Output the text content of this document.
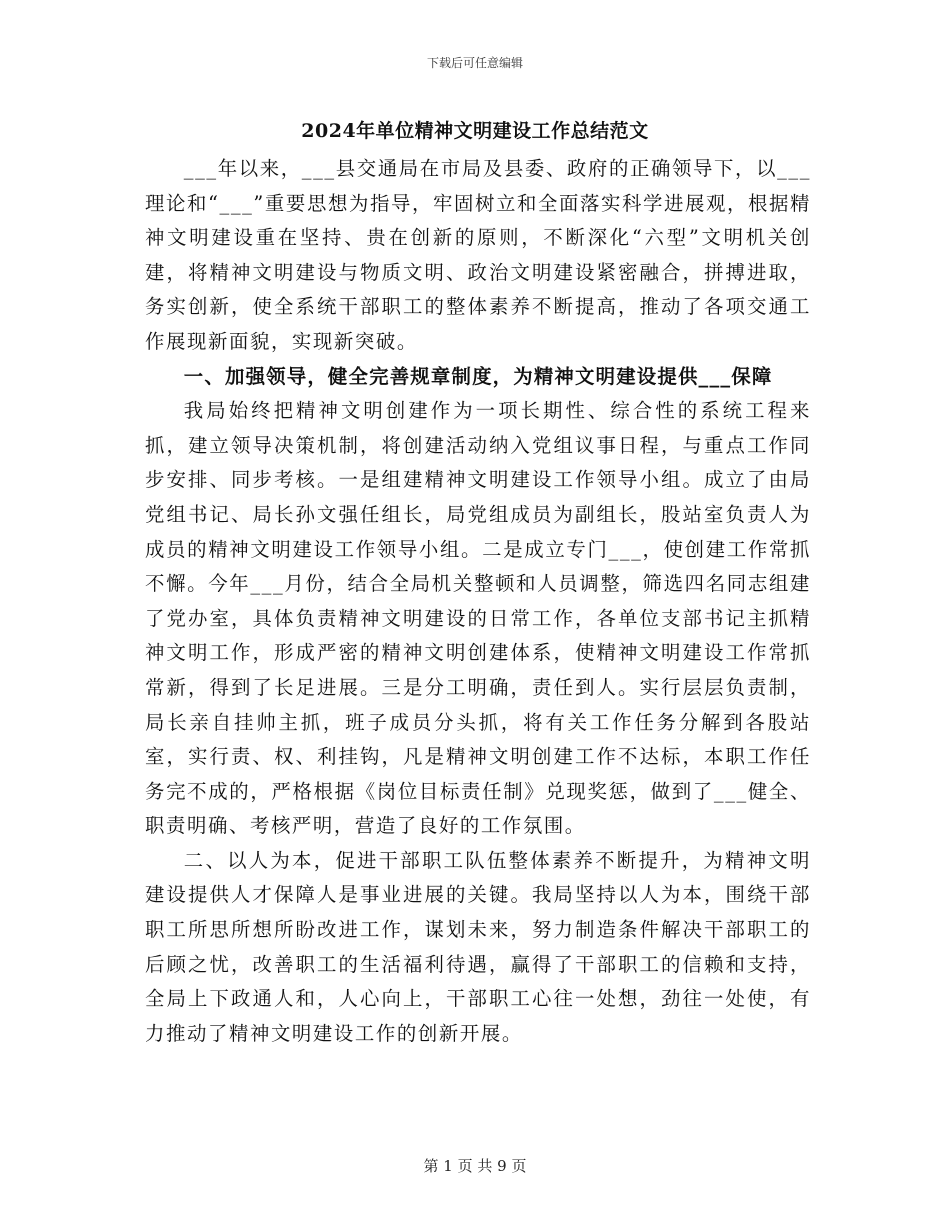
下载后可任意编辑
2024年单位精神文明建设工作总结范文

___年以来，___县交通局在市局及县委、政府的正确领导下，以___理论和“___”重要思想为指导，牢固树立和全面落实科学进展观，根据精神文明建设重在坚持、贵在创新的原则，不断深化“六型”文明机关创建，将精神文明建设与物质文明、政治文明建设紧密融合，拼搏进取，务实创新，使全系统干部职工的整体素养不断提高，推动了各项交通工作展现新面貌，实现新突破。

一、加强领导，健全完善规章制度，为精神文明建设提供___保障

我局始终把精神文明创建作为一项长期性、综合性的系统工程来抓，建立领导决策机制，将创建活动纳入党组议事日程，与重点工作同步安排、同步考核。一是组建精神文明建设工作领导小组。成立了由局党组书记、局长孙文强任组长，局党组成员为副组长，股站室负责人为成员的精神文明建设工作领导小组。二是成立专门___，使创建工作常抓不懈。今年___月份，结合全局机关整顿和人员调整，筛选四名同志组建了党办室，具体负责精神文明建设的日常工作，各单位支部书记主抓精神文明工作，形成严密的精神文明创建体系，使精神文明建设工作常抓常新，得到了长足进展。三是分工明确，责任到人。实行层层负责制，局长亲自挂帅主抓，班子成员分头抓，将有关工作任务分解到各股站室，实行责、权、利挂钩，凡是精神文明创建工作不达标，本职工作任务完不成的，严格根据《岗位目标责任制》兑现奖惩，做到了___健全、职责明确、考核严明，营造了良好的工作氛围。

二、以人为本，促进干部职工队伍整体素养不断提升，为精神文明建设提供人才保障人是事业进展的关键。我局坚持以人为本，围绕干部职工所思所想所盼改进工作，谋划未来，努力制造条件解决干部职工的后顾之忧，改善职工的生活福利待遇，赢得了干部职工的信赖和支持，全局上下政通人和，人心向上，干部职工心往一处想，劲往一处使，有力推动了精神文明建设工作的创新开展。

第 1 页 共 9 页
